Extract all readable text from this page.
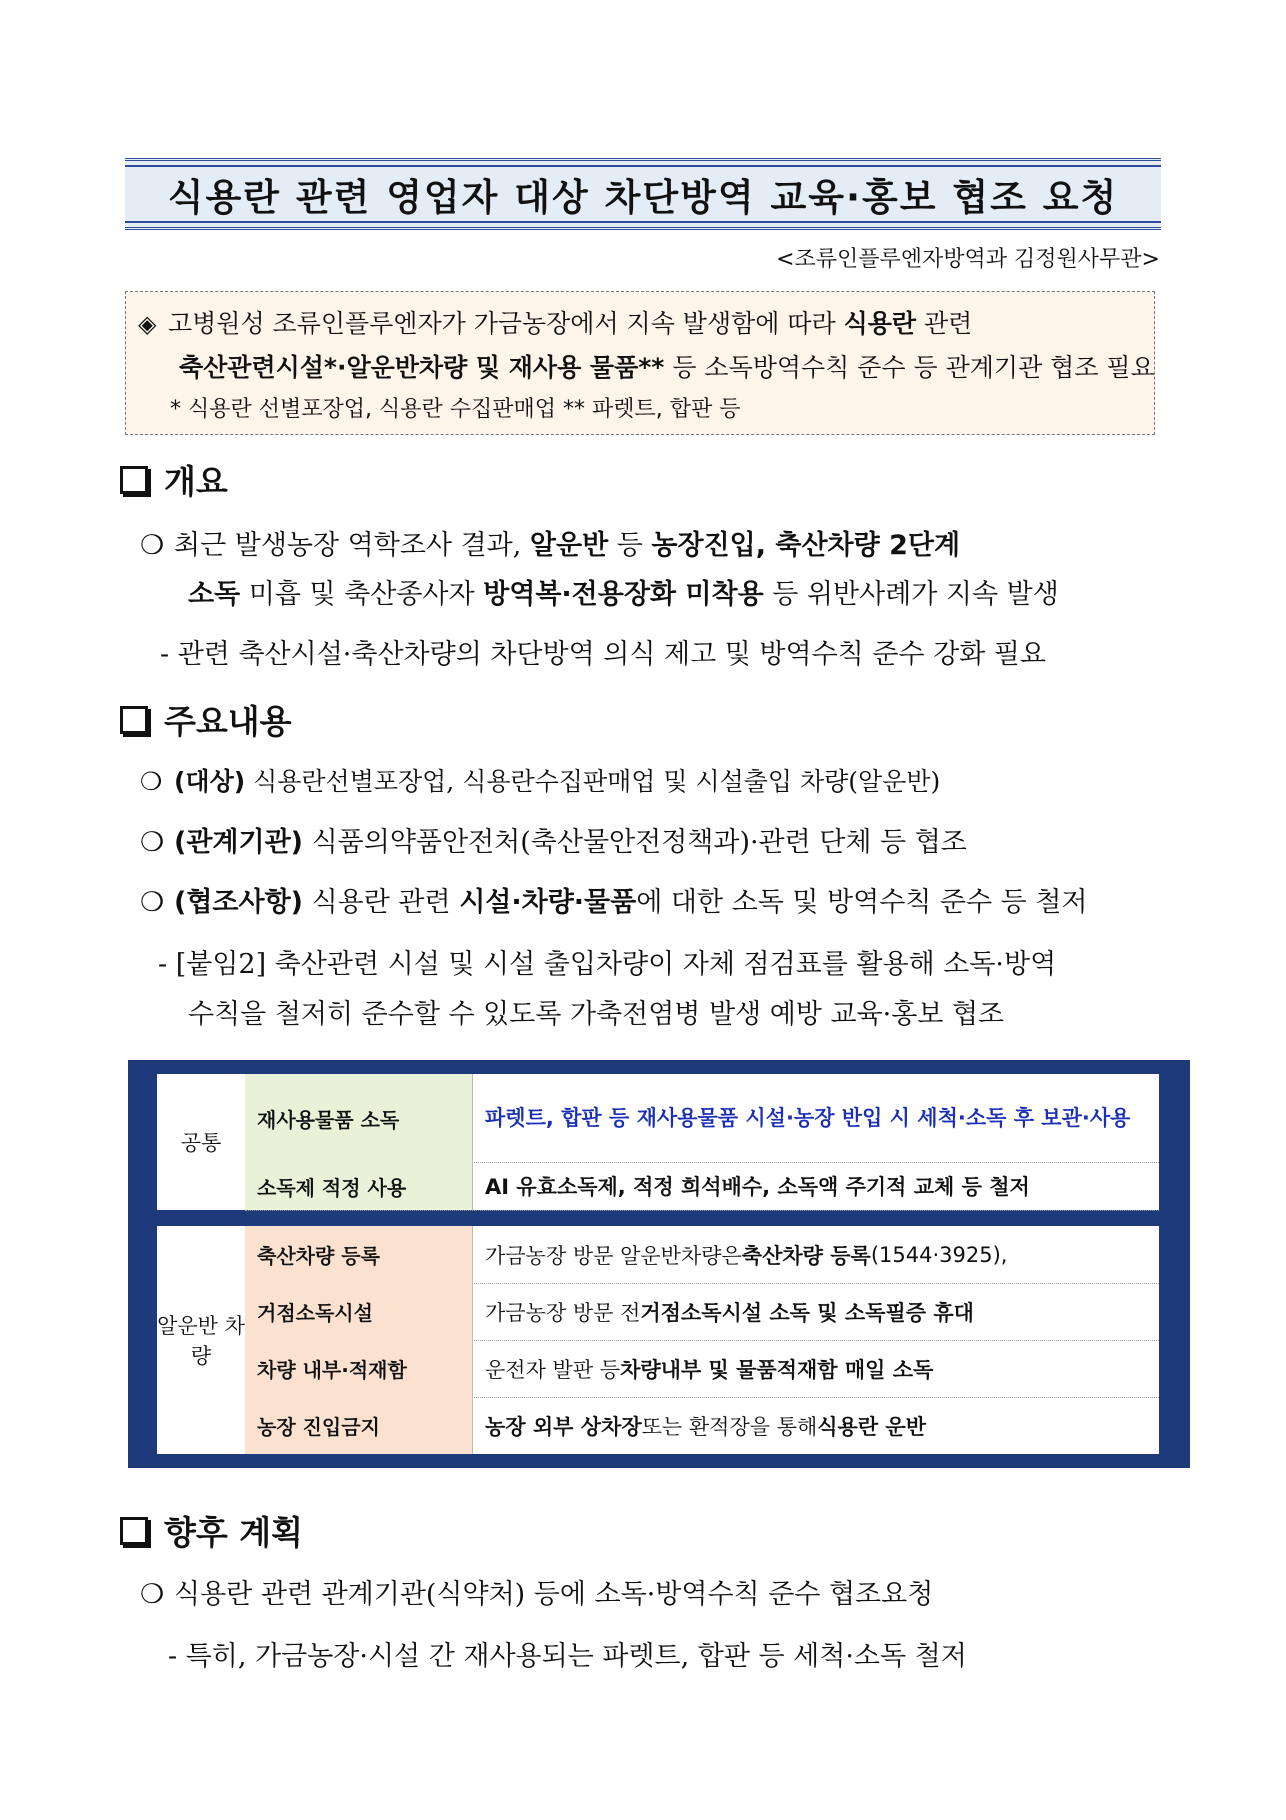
식용란 관련 영업자 대상 차단방역 교육·홍보 협조 요청
<조류인플루엔자방역과 김정원사무관>
◈ 고병원성 조류인플루엔자가 가금농장에서 지속 발생함에 따라 식용란 관련
축산관련시설*·알운반차량 및 재사용 물품** 등 소독방역수칙 준수 등 관계기관 협조 필요
* 식용란 선별포장업, 식용란 수집판매업 ** 파렛트, 합판 등
개요
❍ 최근 발생농장 역학조사 결과, 알운반 등 농장진입, 축산차량 2단계
소독 미흡 및 축산종사자 방역복·전용장화 미착용 등 위반사례가 지속 발생
- 관련 축산시설·축산차량의 차단방역 의식 제고 및 방역수칙 준수 강화 필요
주요내용
❍ (대상) 식용란선별포장업, 식용란수집판매업 및 시설출입 차량(알운반)
❍ (관계기관) 식품의약품안전처(축산물안전정책과)·관련 단체 등 협조
❍ (협조사항) 식용란 관련 시설·차량·물품에 대한 소독 및 방역수칙 준수 등 철저
- [붙임2] 축산관련 시설 및 시설 출입차량이 자체 점검표를 활용해 소독·방역
수칙을 철저히 준수할 수 있도록 가축전염병 발생 예방 교육·홍보 협조
공통
재사용물품 소독	파렛트, 합판 등 재사용물품 시설·농장 반입 시 세척·소독 후 보관·사용
소독제 적정 사용	AI 유효소독제, 적정 희석배수, 소독액 주기적 교체 등 철저
알운반 차량
축산차량 등록	가금농장 방문 알운반차량은 축산차량 등록 (1544·3925),
거점소독시설	가금농장 방문 전 거점소독시설 소독 및 소독필증 휴대
차량 내부·적재함	운전자 발판 등 차량내부 및 물품적재함 매일 소독
농장 진입금지	농장 외부 상차장 또는 환적장을 통해 식용란 운반
향후 계획
❍ 식용란 관련 관계기관(식약처) 등에 소독·방역수칙 준수 협조요청
- 특히, 가금농장·시설 간 재사용되는 파렛트, 합판 등 세척·소독 철저
